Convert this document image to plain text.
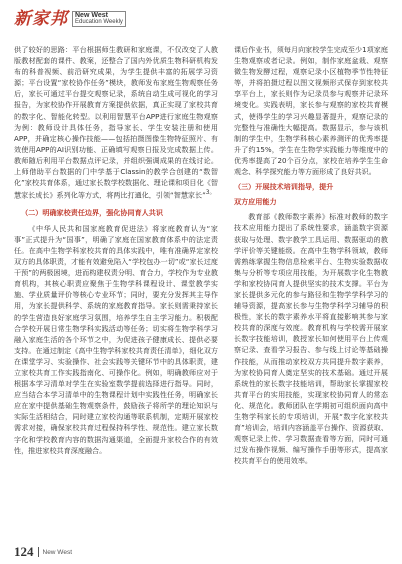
新家邦 New West
Education Weekly

供了较好的思路：平台根据师生教研和家庭课，不仅改变了人教版教材配套的课件、教案，还整合了国内外优质生物科研机构发布的科普视频、前沿研究成果，为学生提供丰富的拓展学习资源；平台设置“家校协作任务”模块，教师发布家庭生物观察任务后，家长可通过平台提交观察记录，系统自动生成可视化的学习报告，为家校协作开展教育方案提供依据，真正实现了家校共育的数字化、智能化转型。以利用智慧平台APP进行家庭生物观察为例：教师设计具体任务，指导家长、学生安装注册和使用APP，并确定核心操作技能——包括拍摄图像生物特征照片、有效使用APP的AI识别功能、正确填写观察日报及完成数据上传。教师随后利用平台数据点评记录，并组织强调成果的在线讨论。上师借助平台数据的门中学基于Classin的教学合创建的“数智化”家校共育体系，通过家长数学校数据化、理论课和项目化《智慧家长成长》系列化等方式，将两比打通化，引领“智慧家长”$^{3。}$

（二）明确家校责任边界，强化协同育人共识

《中华人民共和国家庭教育促进法》将家庭教育认为“家事”正式提升为“国事”，明确了家庭在国家教育体系中的法定责任。在高中生物学科家校共育的具体实践中，唯有准确界定家校双方的具体职责，才能有效避免陷入“学校包办一切”或“家长过度干预”的两极困境，进而构建权责分明、育合力，学校作为专业教育机构，其核心职责应聚焦于生物学科课程设计、课堂教学实施、学业质量评价等核心专业环节；同时，要充分发挥其主导作用，为家长提供科学、系统的家庭教育指导。家长则需秉持家长的学生营造良好家庭学习氛围，培养学生自主学习能力。积极配合学校开展日常生物学科实践活动等任务；切实将生物学科学习融入家庭生活的各个环节之中，为促进孩子健康成长、提供必要支持。在通过制定《高中生物学科家校共育责任清单》，细化双方在课堂学习、实验操作、社会实践等关键环节中的具体职责，建立家校共育工作实践指南化、可操作化。例如，明确教师应对于根据本学习清单对学生在实验室数学提前选择进行指导。同时，应当结合本学习清单中的生物课程计划中实践性任务，明确家长应在家中提供基础生物观察条件，鼓励孩子将所学的理论知识与实际生活相结合，同时建立家校沟通等联系机制，定期开展家校需求对接，确保家校共育过程保持科学性、规范性。建立家长数字化和学校教育内容的数据沟通渠道，全面提升家校合作的有效性，推进家校共育深度融合。

课后作业书，须每月向家校学生完成至少1项家庭生物观察或者记录。例如，制作家庭盆栽、观察微生物发酵过程，观察记录小区植物季节性特征等，并将拍摄过程以图文视频形式保存到家校共享平台上，家长则作为记录员参与观察并记录环境变化。实践表明，家长参与观察的家校共育模式，使得学生的学习兴趣显著提升，观察记录的完整性与准确性大幅提高。数据显示，参与该机制的学生中，生物学科核心素养测评的优秀率提升了约15%，学生在生物学实践能力等维度中的优秀率提高了20个百分点，家校在培养学生生命观念、科学探究能力等方面形成了良好共识。

（三）开展技术培训指导，提升
双方应用能力

教育部《教师数字素养》标准对教师的数字技术应用能力提出了系统性要求，涵盖数字资源获取与处理、数字教学工具运用、数据驱动的教学评价等关键能级。在高中生物学科领域，教师需熟练掌握生物信息检索平台、生物实验数据收集与分析等专项应用技能，为开展数字化生物教学和家校协同育人提供坚实的技术支撑。平台为家长提供多元化的参与路径和生物学学科学习的辅导资源，提高家长参与生物学科学习辅导的积极性，家长的数字素养水平将直接影响其参与家校共育的深度与效度。教育机构与学校需开展家长数字技能培训，教授家长如何使用平台上传观察记录、查看学习报告、参与线上讨论等基础操作技能，从而推动家校双方共同提升数字素养，为家校协同育人奠定坚实的技术基础。通过开展系统性的家长数字技能培训，帮助家长掌握家校共育平台的实用技能，实现家校协同育人的常态化、规范化。教师团队在学期初可组织面向高中生物学科家长的专项培训，开展“数字化家校共育”培训会，培训内容涵盖平台操作、资源获取、观察记录上传、学习数据查看等方面，同时可通过发布操作视频、编写操作手册等形式，提高家校共育平台的使用效率。

124 New West
